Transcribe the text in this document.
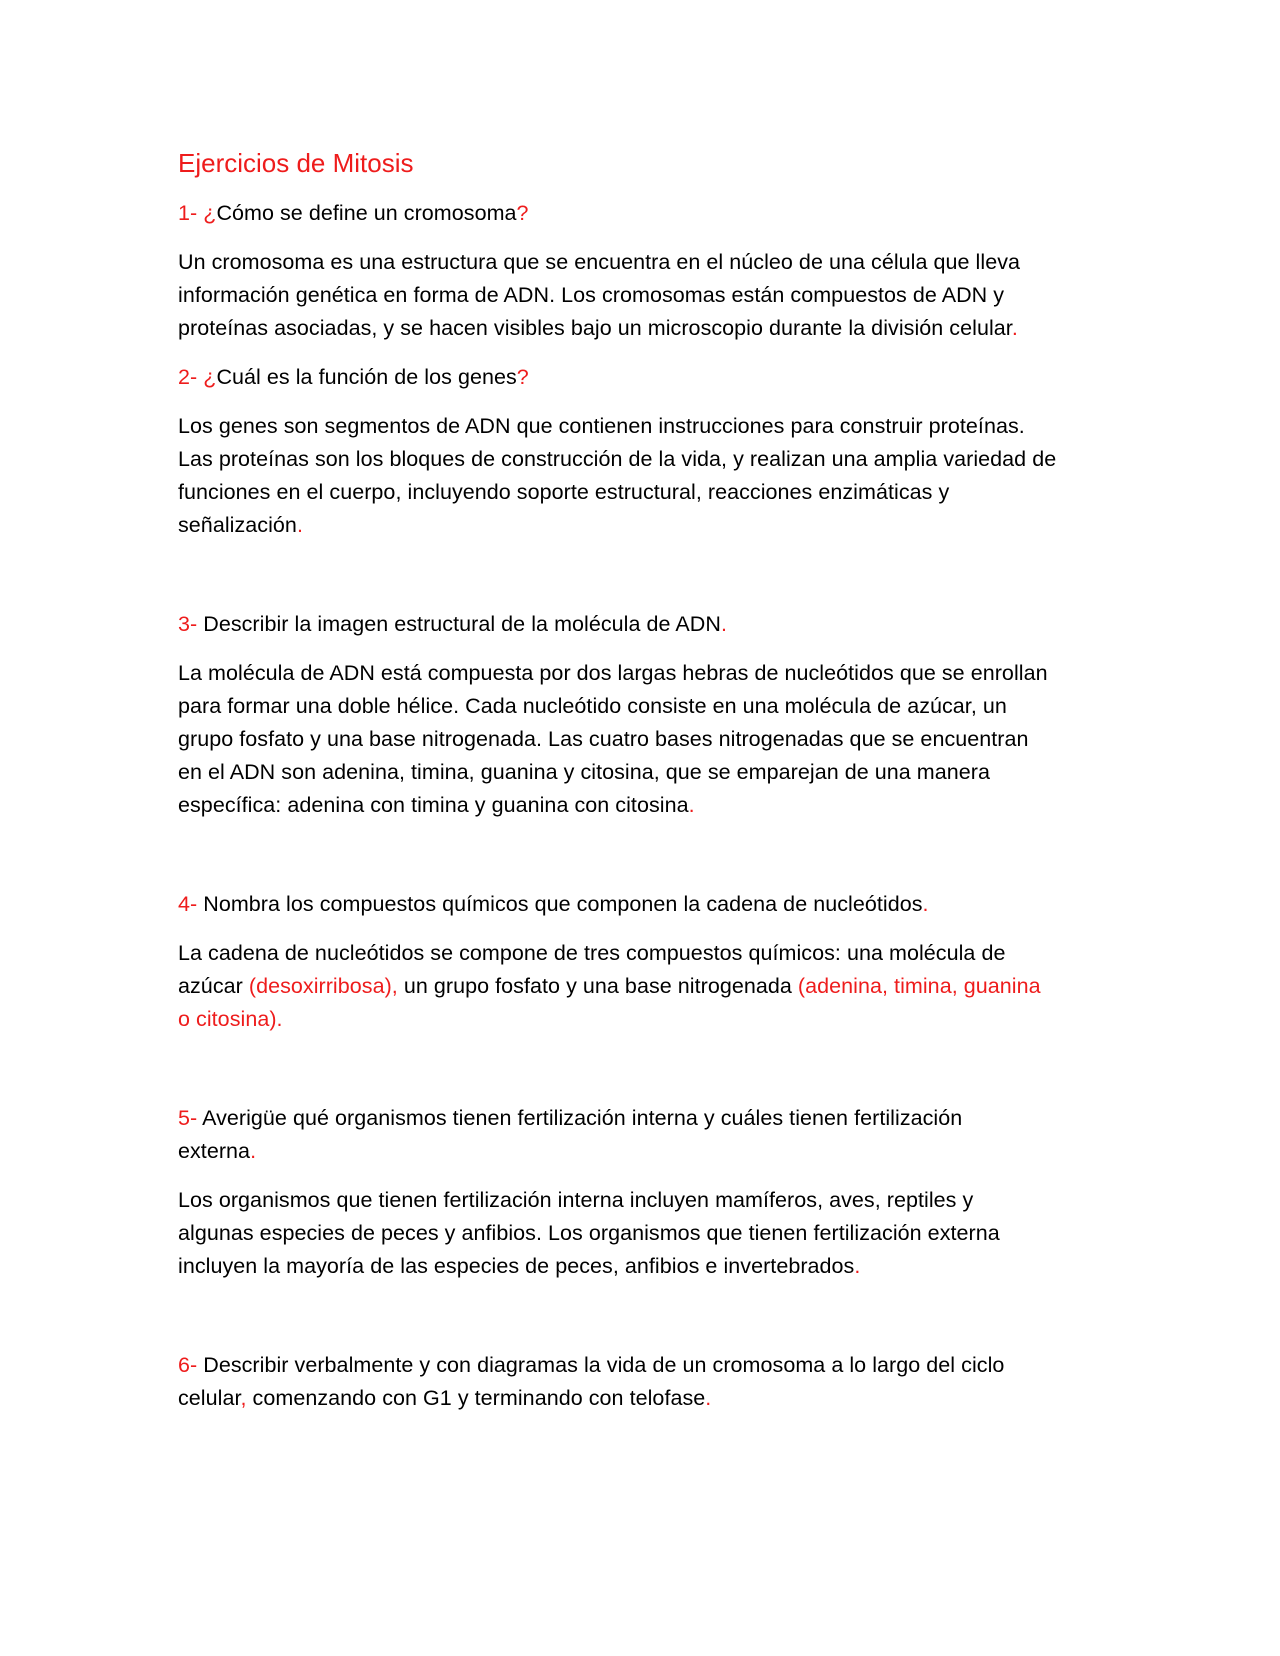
Ejercicios de Mitosis

1- ¿Cómo se define un cromosoma?

Un cromosoma es una estructura que se encuentra en el núcleo de una célula que lleva
información genética en forma de ADN. Los cromosomas están compuestos de ADN y
proteínas asociadas, y se hacen visibles bajo un microscopio durante la división celular.

2- ¿Cuál es la función de los genes?

Los genes son segmentos de ADN que contienen instrucciones para construir proteínas.
Las proteínas son los bloques de construcción de la vida, y realizan una amplia variedad de
funciones en el cuerpo, incluyendo soporte estructural, reacciones enzimáticas y
señalización.

3- Describir la imagen estructural de la molécula de ADN.

La molécula de ADN está compuesta por dos largas hebras de nucleótidos que se enrollan
para formar una doble hélice. Cada nucleótido consiste en una molécula de azúcar, un
grupo fosfato y una base nitrogenada. Las cuatro bases nitrogenadas que se encuentran
en el ADN son adenina, timina, guanina y citosina, que se emparejan de una manera
específica: adenina con timina y guanina con citosina.

4- Nombra los compuestos químicos que componen la cadena de nucleótidos.

La cadena de nucleótidos se compone de tres compuestos químicos: una molécula de
azúcar (desoxirribosa), un grupo fosfato y una base nitrogenada (adenina, timina, guanina
o citosina).

5- Averigüe qué organismos tienen fertilización interna y cuáles tienen fertilización
externa.

Los organismos que tienen fertilización interna incluyen mamíferos, aves, reptiles y
algunas especies de peces y anfibios. Los organismos que tienen fertilización externa
incluyen la mayoría de las especies de peces, anfibios e invertebrados.

6- Describir verbalmente y con diagramas la vida de un cromosoma a lo largo del ciclo
celular, comenzando con G1 y terminando con telofase.
